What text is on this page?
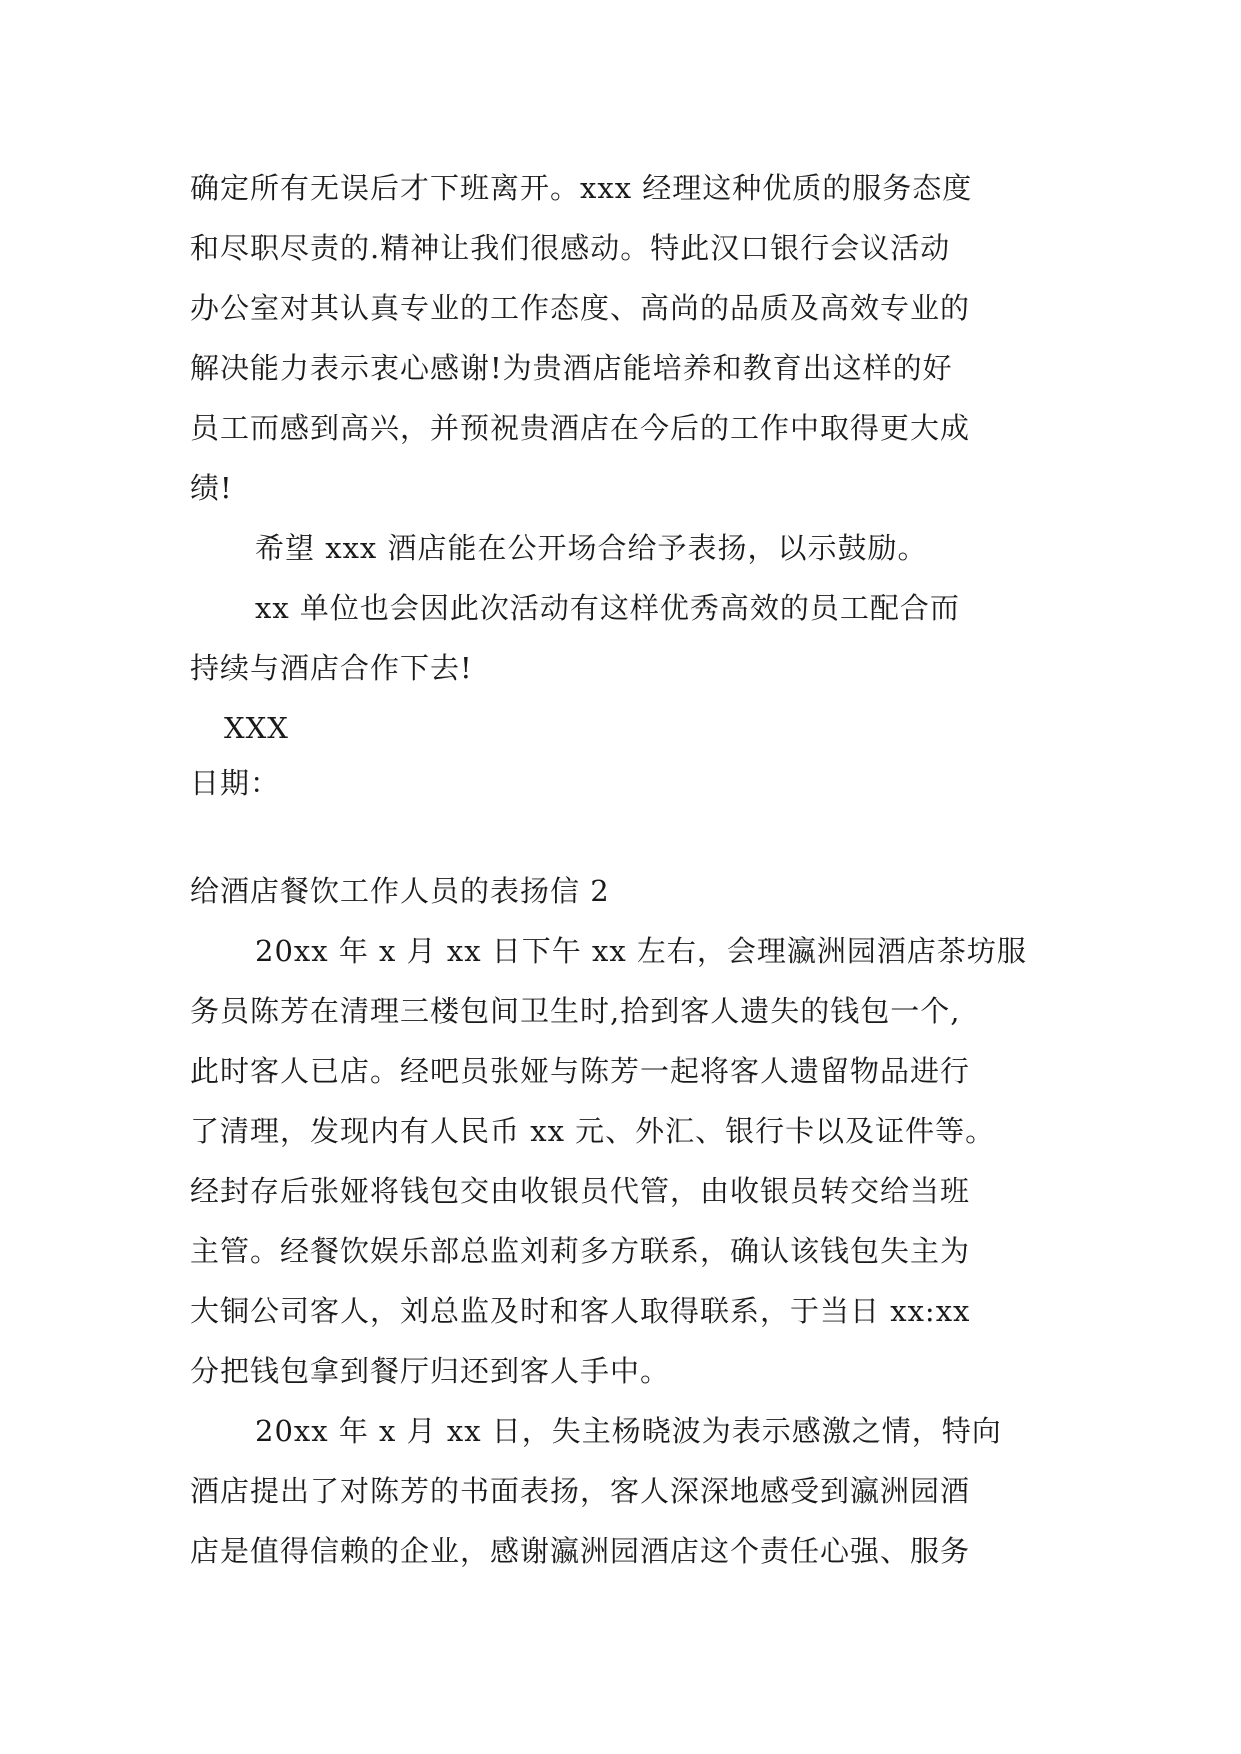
确定所有无误后才下班离开。xxx 经理这种优质的服务态度
和尽职尽责的.精神让我们很感动。特此汉口银行会议活动
办公室对其认真专业的工作态度、高尚的品质及高效专业的
解决能力表示衷心感谢!为贵酒店能培养和教育出这样的好
员工而感到高兴，并预祝贵酒店在今后的工作中取得更大成
绩!
希望 xxx 酒店能在公开场合给予表扬，以示鼓励。
xx 单位也会因此次活动有这样优秀高效的员工配合而
持续与酒店合作下去!
XXX
日期：
给酒店餐饮工作人员的表扬信 2
20xx 年 x 月 xx 日下午 xx 左右，会理瀛洲园酒店茶坊服
务员陈芳在清理三楼包间卫生时,拾到客人遗失的钱包一个,
此时客人已店。经吧员张娅与陈芳一起将客人遗留物品进行
了清理，发现内有人民币 xx 元、外汇、银行卡以及证件等。
经封存后张娅将钱包交由收银员代管，由收银员转交给当班
主管。经餐饮娱乐部总监刘莉多方联系，确认该钱包失主为
大铜公司客人，刘总监及时和客人取得联系，于当日 xx:xx
分把钱包拿到餐厅归还到客人手中。
20xx 年 x 月 xx 日，失主杨晓波为表示感激之情，特向
酒店提出了对陈芳的书面表扬，客人深深地感受到瀛洲园酒
店是值得信赖的企业，感谢瀛洲园酒店这个责任心强、服务
